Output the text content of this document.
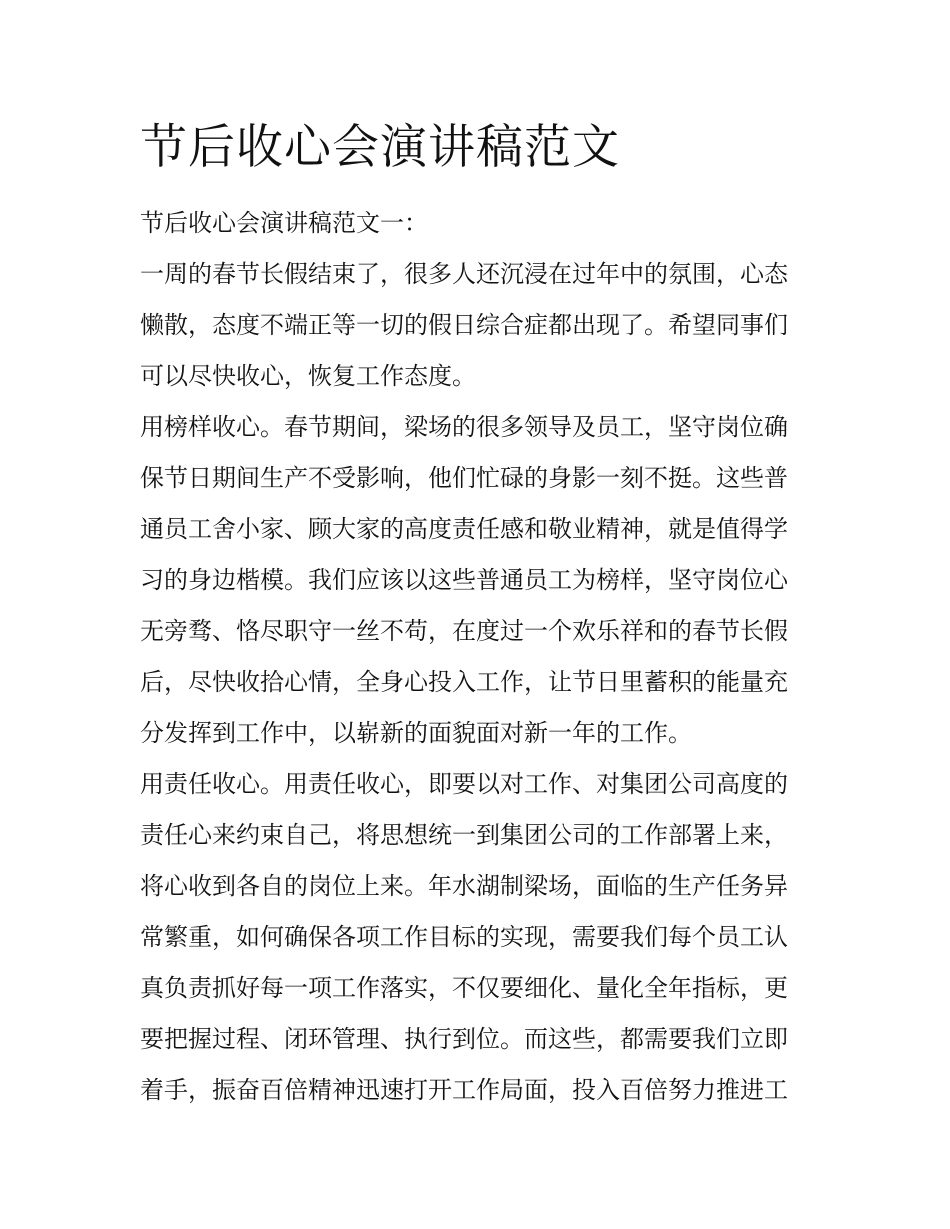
节后收心会演讲稿范文
节后收心会演讲稿范文一：
一周的春节长假结束了，很多人还沉浸在过年中的氛围，心态
懒散，态度不端正等一切的假日综合症都出现了。希望同事们
可以尽快收心，恢复工作态度。
用榜样收心。春节期间，梁场的很多领导及员工，坚守岗位确
保节日期间生产不受影响，他们忙碌的身影一刻不挺。这些普
通员工舍小家、顾大家的高度责任感和敬业精神，就是值得学
习的身边楷模。我们应该以这些普通员工为榜样，坚守岗位心
无旁骛、恪尽职守一丝不苟，在度过一个欢乐祥和的春节长假
后，尽快收拾心情，全身心投入工作，让节日里蓄积的能量充
分发挥到工作中，以崭新的面貌面对新一年的工作。
用责任收心。用责任收心，即要以对工作、对集团公司高度的
责任心来约束自己，将思想统一到集团公司的工作部署上来，
将心收到各自的岗位上来。年水湖制梁场，面临的生产任务异
常繁重，如何确保各项工作目标的实现，需要我们每个员工认
真负责抓好每一项工作落实，不仅要细化、量化全年指标，更
要把握过程、闭环管理、执行到位。而这些，都需要我们立即
着手，振奋百倍精神迅速打开工作局面，投入百倍努力推进工
